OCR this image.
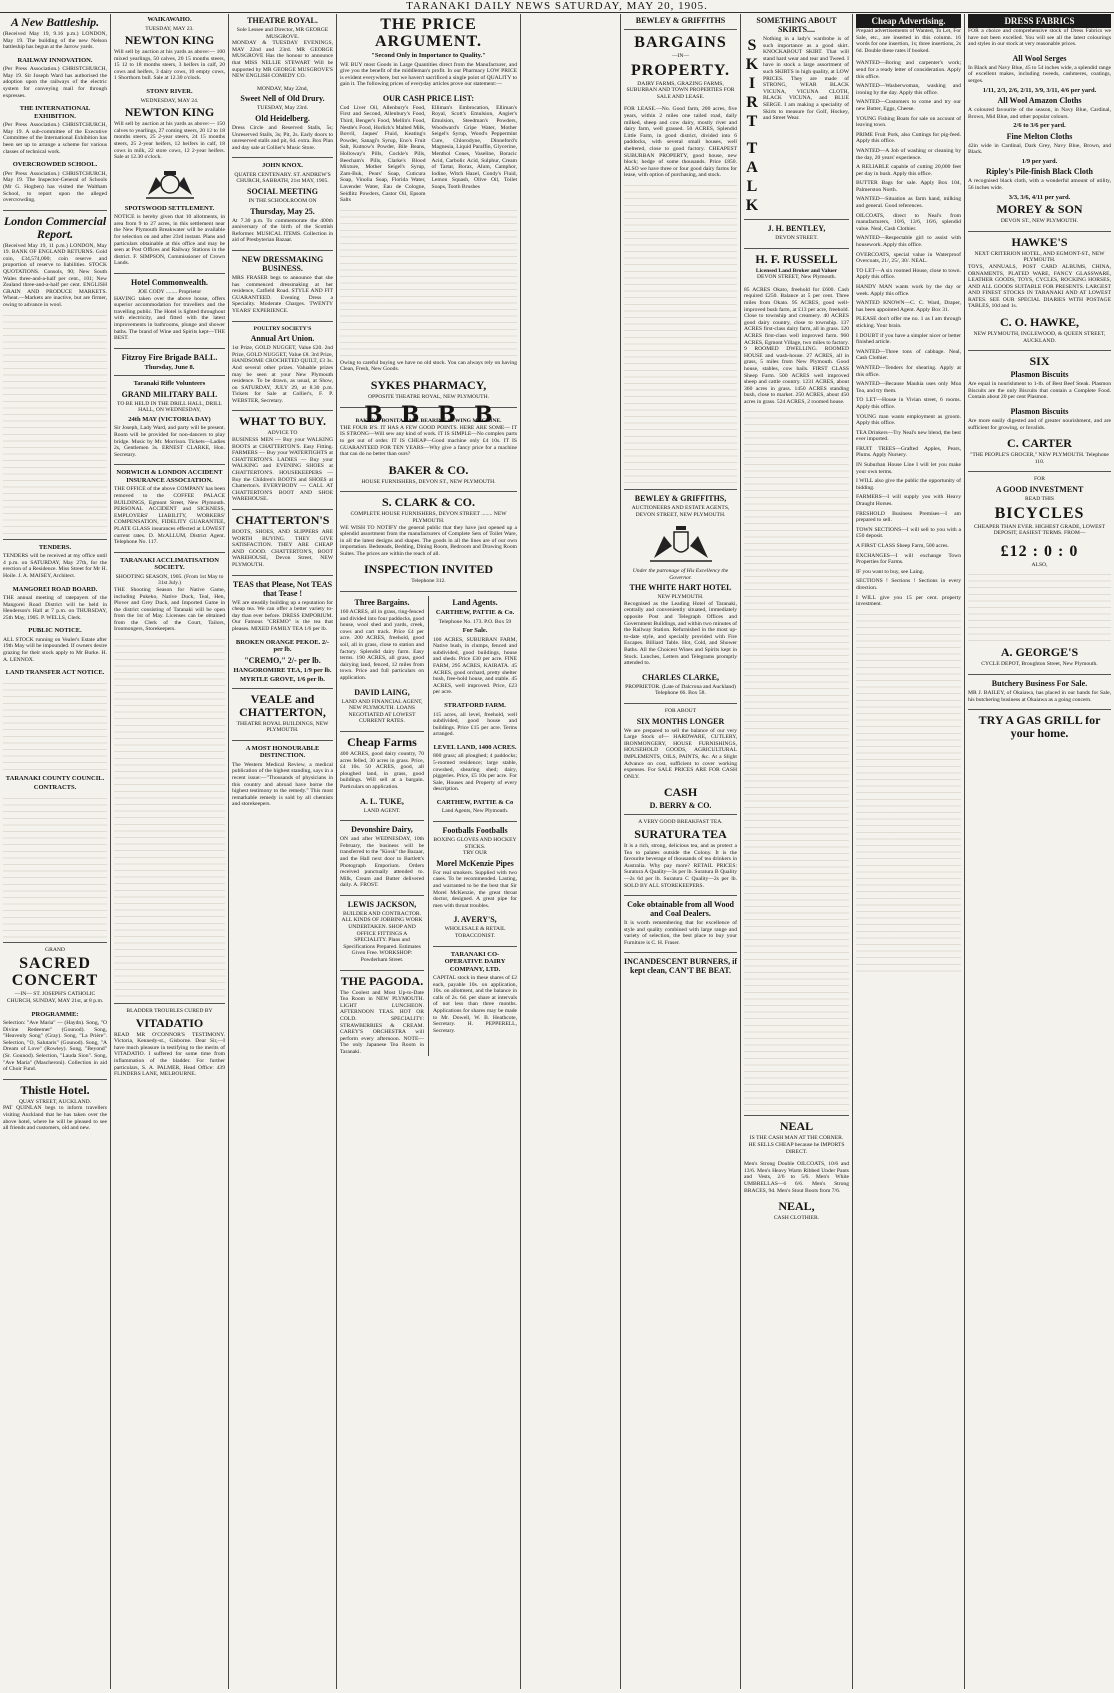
TARANAKI DAILY NEWS SATURDAY, MAY 20, 1905.
A New Battleship.
(Received May 19, 9.16 p.m.) LONDON, May 19. The building of the new Nelson battleship has begun at the Jarrow yards.
RAILWAY INNOVATION.
(Per Press Association.) CHRISTCHURCH, May 19. Sir Joseph Ward has authorised the adoption upon the railways of the electric system for conveying mail for through expresses.
THE INTERNATIONAL EXHIBITION.
(Per Press Association.) CHRISTCHURCH, May 19. A sub-committee of the Executive Committee of the International Exhibition has been set up to arrange a scheme for various classes of technical work.
OVERCROWDED SCHOOL.
(Per Press Association.) CHRISTCHURCH, May 19. The Inspector-General of Schools (Mr G. Hogben) has visited the Waltham School, to report upon the alleged overcrowding.
London Commercial Report.
(Received May 19, 11 p.m.) LONDON, May 19. BANK OF ENGLAND RETURNS. Gold coin, £34,574,000; coin reserve and proportion of reserve to liabilities. STOCK QUOTATIONS. Consols, 90; New South Wales three-and-a-half per cent., 101; New Zealand three-and-a-half per cent. ENGLISH GRAIN AND PRODUCE MARKETS. Wheat.—Markets are inactive, but are firmer, owing to advance in wool.
TENDERS.
TENDERS will be received at my office until 4 p.m. on SATURDAY, May 27th, for the erection of a Residence. Miss Street for Mr H. Hoile. J. A. MAISEY, Architect.
MANGOREI ROAD BOARD.
THE annual meeting of ratepayers of the Mangorei Road District will be held in Henderson's Hall at 7 p.m. on THURSDAY, 25th May, 1905. P. WELLS, Clerk.
PUBLIC NOTICE.
ALL STOCK running on Vealer's Estate after 19th May will be impounded. If owners desire grazing for their stock apply to Mr Burke. H. A. LENNOX.
LAND TRANSFER ACT NOTICE.
TARANAKI COUNTY COUNCIL.
CONTRACTS.
GRAND
SACRED CONCERT
—IN— ST. JOSEPH'S CATHOLIC CHURCH, SUNDAY, MAY 21st, at 8 p.m.
PROGRAMME:
Selection: "Ave Maria" — (Haydn). Song, "O Divine Redeemer" (Gounod). Song, "Heavenly Song" (Gray). Song, "La Prière". Selection, "O, Salutaris" (Gounod). Song, "A Dream of Love" (Rowley). Song, "Beyond" (Sr. Gounod). Selection, "Lauda Sion". Song, "Ave Maria" (Mascheroni). Collection in aid of Choir Fund.
Thistle Hotel.
QUAY STREET, AUCKLAND.
PAT QUINLAN begs to inform travellers visiting Auckland that he has taken over the above hotel, where he will be pleased to see all friends and customers, old and new.
WAIKAWAHO.
TUESDAY, MAY 23.
NEWTON KING
Will sell by auction at his yards as above:— 100 mixed yearlings, 50 calves, 20 15 months steers, 15 12 to 18 months steers, 3 heifers in calf, 20 cows and heifers, 3 dairy cows, 10 empty cows, 1 Shorthorn bull. Sale at 12.30 o'clock.
STONY RIVER.
WEDNESDAY, MAY 24.
NEWTON KING
Will sell by auction at his yards as above:— 150 calves to yearlings, 27 coming steers, 20 12 to 18 months steers, 25 2-year steers, 24 15 months steers, 25 2-year heifers, 12 heifers in calf, 18 cows in milk, 22 store cows, 12 2-year heifers. Sale at 12.30 o'clock.
SPOTSWOOD SETTLEMENT.
NOTICE is hereby given that 10 allotments, in area from 9 to 27 acres, in this settlement near the New Plymouth Breakwater will be available for selection on and after 23rd instant. Plans and particulars obtainable at this office and may be seen at Post Offices and Railway Stations in the district. F. SIMPSON, Commissioner of Crown Lands.
Hotel Commonwealth.
JOE CODY ........ Proprietor
HAVING taken over the above house, offers superior accommodation for travellers and the travelling public. The Hotel is lighted throughout with electricity, and fitted with the latest improvements in bathrooms, plunge and shower baths. The brand of Wine and Spirits kept—THE BEST.
Fitzroy Fire Brigade BALL.
Thursday, June 8.
Taranaki Rifle Volunteers
GRAND MILITARY BALL
TO BE HELD IN THE DRILL HALL, DRILL HALL, ON WEDNESDAY,
24th MAY (VICTORIA DAY)
Sir Joseph, Lady Ward, and party will be present. Room will be provided for non-dancers to play bridge. Music by Mr. Morrison. Tickets—Ladies 2s, Gentlemen 3s. ERNEST CLARKE, Hon. Secretary.
NORWICH & LONDON ACCIDENT INSURANCE ASSOCIATION.
THE OFFICE of the above COMPANY has been removed to the COFFEE PALACE BUILDINGS, Egmont Street, New Plymouth. PERSONAL ACCIDENT and SICKNESS, EMPLOYERS' LIABILITY, WORKERS' COMPENSATION, FIDELITY GUARANTEE, PLATE GLASS insurances effected at LOWEST current rates. D. McALLUM, District Agent. Telephone No. 117.
TARANAKI ACCLIMATISATION SOCIETY.
SHOOTING SEASON, 1905. (From 1st May to 31st July.)
THE Shooting Season for Native Game, including Pukeko, Native Duck, Teal, Hen, Plover and Grey Duck, and Imported Game in the district consisting of Taranaki will be open from the 1st of May. Licenses can be obtained from the Clerk of the Court, Tailors, Ironmongers, Storekeepers.
BLADDER TROUBLES CURED BY
VITADATIO
READ MR O'CONNOR'S TESTIMONY. Victoria, Kennedy-st., Gisborne. Dear Sir,—I have much pleasure in testifying to the merits of VITADATIO. I suffered for some time from inflammation of the bladder. For further particulars, S. A. PALMER, Head Office: 439 FLINDERS LANE, MELBOURNE.
THEATRE ROYAL.
Sole Lessee and Director, MR GEORGE MUSGROVE.
MONDAY & TUESDAY EVENINGS, MAY 22nd and 23rd. MR GEORGE MUSGROVE Has the honour to announce that MISS NELLIE STEWART Will be supported by MR GEORGE MUSGROVE'S NEW ENGLISH COMEDY CO.
MONDAY, May 22nd,
Sweet Nell of Old Drury.
TUESDAY, May 23rd.
Old Heidelberg.
Dress Circle and Reserved Stalls, 5s; Unreserved Stalls, 3s; Pit, 2s. Early doors to unreserved stalls and pit, 6d. extra. Box Plan and day sale at Collier's Music Store.
JOHN KNOX.
QUATER CENTENARY. ST. ANDREW'S CHURCH, SABBATH, 21st MAY, 1905.
SOCIAL MEETING
IN THE SCHOOLROOM ON
Thursday, May 25.
At 7.30 p.m. To commemorate the 400th anniversary of the birth of the Scottish Reformer. MUSICAL ITEMS. Collection in aid of Presbyterian Bazaar.
NEW DRESSMAKING BUSINESS.
MRS FRASER begs to announce that she has commenced dressmaking at her residence, Catfield Road. STYLE AND FIT GUARANTEED. Evening Dress a Speciality. Moderate Charges. TWENTY YEARS' EXPERIENCE.
POULTRY SOCIETY'S
Annual Art Union.
1st Prize, GOLD NUGGET, Value £20. 2nd Prize, GOLD NUGGET, Value £8. 3rd Prize, HANDSOME CROCHETED QUILT, £3 3s. And several other prizes. Valuable prizes may be seen at your New Plymouth residence. To be drawn, as usual, at Show, on SATURDAY, JULY 29, at 8.30 p.m. Tickets for Sale at Collier's, F. P. WEBSTER, Secretary.
WHAT TO BUY.
ADVICE TO
BUSINESS MEN — Buy your WALKING BOOTS at CHATTERTON'S. Easy Fitting. FARMERS — Buy your WATERTIGHTS at CHATTERTON'S. LADIES — Buy your WALKING and EVENING SHOES at CHATTERTON'S. HOUSEKEEPERS — Buy the Children's BOOTS and SHOES at Chatterton's. EVERYBODY — CALL AT CHATTERTON'S BOOT AND SHOE WAREHOUSE.
CHATTERTON'S
BOOTS, SHOES, AND SLIPPERS ARE WORTH BUYING. THEY GIVE SATISFACTION. THEY ARE CHEAP AND GOOD. CHATTERTON'S, BOOT WAREHOUSE, Devon Street, NEW PLYMOUTH.
TEAS that Please, Not TEAS that Tease !
WE are steadily building up a reputation for cheap tea. We can offer a better variety to-day than ever before. DRESS EMPORIUM. Our Famous "CREMO" is the tea that pleases. MIXED FAMILY TEA 1/6 per lb.
BROKEN ORANGE PEKOE. 2/- per lb.
"CREMO," 2/- per lb.
HANGOROMIRE TEA, 1/9 per lb.
MYRTLE GROVE, 1/6 per lb.
VEALE and CHATTERTON,
THEATRE ROYAL BUILDINGS, NEW PLYMOUTH.
A MOST HONOURABLE DISTINCTION.
The Western Medical Review, a medical publication of the highest standing, says in a recent issue:—"Thousands of physicians in this country and abroad have borne the highest testimony to the remedy." This most remarkable remedy is sold by all chemists and storekeepers.
THE PRICE ARGUMENT.
"Second Only in Importance to Quality."
WE BUY most Goods in Large Quantities direct from the Manufacturer, and give you the benefit of the middleman's profit. In our Pharmacy LOW PRICE is evident everywhere, but we haven't sacrificed a single point of QUALITY to gain it. The following prices of everyday articles prove our statement:—
OUR CASH PRICE LIST:
Cod Liver Oil, Allenbury's Food, First and Second, Allenbury's Food, Third, Benger's Food, Mellin's Food, Nestle's Food, Horlick's Malted Milk, Bovril, Jaques' Fluid, Keating's Powder, Sanagi's Syrup, Eno's Fruit Salt, Kutnow's Powder, Bile Beans, Holloway's Pills, Cockle's Pills, Beecham's Pills, Clarke's Blood Mixture, Mother Seigel's Syrup, Zam-Buk, Pears' Soap, Cuticura Soap, Vinolia Soap, Florida Water, Lavender Water, Eau de Cologne, Seidlitz Powders, Castor Oil, Epsom Salts
Elliman's Embrocation, Elliman's Royal, Scott's Emulsion, Angier's Emulsion, Steedman's Powders, Woodward's Gripe Water, Mother Seigel's Syrup, Wood's Peppermint Cure, Chlorodyne, Dinneford's Magnesia, Liquid Paraffin, Glycerine, Menthol Cones, Vaseline, Boracic Acid, Carbolic Acid, Sulphur, Cream of Tartar, Borax, Alum, Camphor, Iodine, Witch Hazel, Condy's Fluid, Lemon Squash, Olive Oil, Toilet Soaps, Tooth Brushes
Owing to careful buying we have no old stock. You can always rely on having Clean, Fresh, New Goods.
SYKES PHARMACY,
OPPOSITE THEATRE ROYAL, NEW PLYMOUTH.
B B B B
BAKER'S BONITA BALL BEARING SEWING MACHINE.
THE FOUR B'S. IT HAS A FEW GOOD POINTS. HERE ARE SOME— IT IS STRONG—Will sew any kind of work. IT IS SIMPLE—No complex parts to get out of order. IT IS CHEAP—Good machine only £4 10s. IT IS GUARANTEED FOR TEN YEARS—Why give a fancy price for a machine that can do no better than ours?
BAKER & CO.
HOUSE FURNISHERS, DEVON ST., NEW PLYMOUTH.
S. CLARK & CO.
COMPLETE HOUSE FURNISHERS, DEVON STREET ........ NEW PLYMOUTH.
WE WISH TO NOTIFY the general public that they have just opened up a splendid assortment from the manufacturers of Complete Sets of Toilet Ware, in all the latest designs and shapes. The goods in all the lines are of our own importation. Bedsteads, Bedding, Dining Room, Bedroom and Drawing Room Suites. The prices are within the reach of all.
INSPECTION INVITED
Telephone 312.
Three Bargains.
160 ACRES, all in grass, ring-fenced and divided into four paddocks, good house, wool shed and yards, creek, cows and cart track. Price £4 per acre. 200 ACRES, freehold, good soil, all in grass, close to station and factory. Splendid dairy farm. Easy terms. 190 ACRES, all grass, good dairying land, fenced, 12 miles from town. Price and full particulars on application.
DAVID LAING,
LAND AND FINANCIAL AGENT, NEW PLYMOUTH. LOANS NEGOTIATED AT LOWEST CURRENT RATES.
Cheap Farms
400 ACRES, good dairy country, 70 acres felled, 30 acres in grass. Price, £4 10s. 50 ACRES, good, all ploughed land, in grass, good buildings. Will sell at a bargain. Particulars on application.
A. L. TUKE,
LAND AGENT.
Devonshire Dairy,
ON and after WEDNESDAY, 10th February, the business will be transferred to the "Kiosk" the Bazaar, and the Hall next door to Bartlett's Photograph Emporium. Orders received punctually attended to. Milk, Cream and Butter delivered daily. A. FROST.
LEWIS JACKSON,
BUILDER AND CONTRACTOR. ALL KINDS OF JOBBING WORK UNDERTAKEN. SHOP AND OFFICE FITTINGS A SPECIALITY. Plans and Specifications Prepared. Estimates Given Free. WORKSHOP: Powderham Street.
THE PAGODA.
The Coolest and Most Up-to-Date Tea Room in NEW PLYMOUTH. LIGHT LUNCHEON. AFTERNOON TEAS. HOT OR COLD. SPECIALITY: STRAWBERRIES & CREAM. CAREY'S ORCHESTRA will perform every afternoon. NOTE—The only Japanese Tea Room in Taranaki.
Land Agents.
CARTHEW, PATTIE & Co.
Telephone No. 173. P.O. Box 59
For Sale.
100 ACRES, SUBURBAN FARM, Native bush, in clumps, fenced and subdivided, good buildings, house and sheds. Price £30 per acre. FINE FARM, 295 ACRES, KAIRATA. 45 ACRES, good orchard, pretty shelter bush, free-hold house, and stable. 45 ACRES, well improved. Price, £23 per acre.
STRATFORD FARM.
115 acres, all level, freehold, well subdivided, good house and buildings. Price £15 per acre. Terms arranged.
LEVEL LAND, 1400 ACRES.
800 grass; all ploughed; 4 paddocks; 5-roomed residence; large stable, cowshed, shearing shed; dairy, piggeries. Price, £5 10s per acre. For Sale, Houses and Property of every description.
CARTHEW, PATTIE & Co
Land Agents, New Plymouth.
Footballs Footballs
BOXING GLOVES AND HOCKEY STICKS.
TRY OUR
Morel McKenzie Pipes
For real smokers. Supplied with two cases. To be recommended. Lasting, and warranted to be the best that Sir Morel McKenzie, the great throat doctor, designed. A great pipe for men with throat troubles.
J. AVERY'S,
WHOLESALE & RETAIL TOBACCONIST.
TARANAKI CO-OPERATIVE DAIRY COMPANY, LTD.
CAPITAL stock in these shares of £2 each, payable 10s. on application, 10s. on allotment, and the balance in calls of 2s. 6d. per share at intervals of not less than three months. Applications for shares may be made to Mr. Dowell, W. B. Heathcote, Secretary. H. PEPPERELL, Secretary.
BEWLEY & GRIFFITHS
BARGAINS
—IN—
PROPERTY.
DAIRY FARMS, GRAZING FARMS, SUBURBAN AND TOWN PROPERTIES FOR SALE AND LEASE.
FOR LEASE.—No. Good farm, 200 acres, five years, within 2 miles one tailed road, daily milked, sheep and cow dairy, mostly river and dairy farm, well grassed. 50 ACRES, Splendid Little Farm, in good district, divided into 6 paddocks, with several small houses, well sheltered, close to good factory. CHEAPEST SUBURBAN PROPERTY, good house, new block; hedge of some thousands. Price £850. ALSO we have three or four good dairy farms for lease, with option of purchasing, and stock.
BEWLEY & GRIFFITHS,
AUCTIONEERS AND ESTATE AGENTS, DEVON STREET, NEW PLYMOUTH.
Under the patronage of His Excellency the Governor.
THE WHITE HART HOTEL
NEW PLYMOUTH.
Recognised as the Leading Hotel of Taranaki, centrally and conveniently situated, immediately opposite Post and Telegraph Offices and Government Buildings, and within two minutes of the Railway Station. Refurnished in the most up-to-date style, and specially provided with Fire Escapes. Billiard Table. Hot, Cold, and Shower Baths. All the Choicest Wines and Spirits kept in Stock. Lunches, Letters and Telegrams promptly attended to.
CHARLES CLARKE,
PROPRIETOR. (Late of Dalcrona and Auckland) Telephone 66. Box 58.
FOR ABOUT
SIX MONTHS LONGER
We are prepared to sell the balance of our very Large Stock of— HARDWARE, CUTLERY, IRONMONGERY, HOUSE FURNISHINGS, HOUSEHOLD GOODS, AGRICULTURAL IMPLEMENTS, OILS, PAINTS, &c. At a Slight Advance on cost, sufficient to cover working expenses. For SALE PRICES ARE FOR CASH ONLY.
CASH
D. BERRY & CO.
A VERY GOOD BREAKFAST TEA.
SURATURA TEA
It is a rich, strong, delicious tea, and as protect a Tea to palates outside the Colony. It is the favourite beverage of thousands of tea drinkers in Australia. Why pay more? RETAIL PRICES: Suratura A Quality—3s per lb. Suratura B Quality—2s 6d per lb. Suratura C Quality—2s per lb. SOLD BY ALL STOREKEEPERS.
Coke obtainable from all Wood and Coal Dealers.
It is worth remembering that for excellence of style and quality combined with large range and variety of selection, the best place to buy your Furniture is C. H. Fraser.
INCANDESCENT BURNERS, if kept clean, CAN'T BE BEAT.
SOMETHING ABOUT SKIRTS....
S
K
I
R
T
T
A
L
K
Nothing in a lady's wardrobe is of such importance as a good skirt. KNOCKABOUT SKIRT. That will stand hard wear and tear and Tweed. I have in stock a large assortment of such SKIRTS in high quality, at LOW PRICES. They are made of STRONG, WEAR BLACK VICUNA, VICUNA CLOTH, BLACK VICUNA, and BLUE SERGE. I am making a speciality of Skirts to measure for Golf, Hockey, and Street Wear.
J. H. BENTLEY,
DEVON STREET.
H. F. RUSSELL
Licensed Land Broker and Valuer
DEVON STREET, New Plymouth.
85 ACRES Okato, freehold for £600. Cash required £250. Balance at 5 per cent. Three miles from Okato. 95 ACRES, good well-improved bush farm, at £13 per acre, freehold. Close to township and creamery. 40 ACRES good dairy country, close to township. 137 ACRES first-class dairy farm, all in grass. 120 ACRES first-class well improved farm. 960 ACRES, Egmont Village, two miles to factory. 9 ROOMED DWELLING. ROOMED HOUSE and wash-house. 27 ACRES, all in grass, 5 miles from New Plymouth. Good house, stables, cow bails. FIRST CLASS Sheep Farm. 500 ACRES well improved sheep and cattle country. 1231 ACRES, about 360 acres in grass. 1450 ACRES standing bush, close to market. 250 ACRES, about 450 acres in grass. 524 ACRES, 2 roomed house.
NEAL
IS THE CASH MAN AT THE CORNER.
HE SELLS CHEAP because he IMPORTS DIRECT.
Men's Strong Double OILCOATS, 10/6 and 13/6. Men's Heavy Warm Ribbed Under Pants and Vests, 2/6 to 5/6. Men's White UMBRELLAS—6 6/6. Men's Strong BRACES, 9d. Men's Stout Boots from 7/6.
NEAL,
CASH CLOTHIER.
Cheap Advertising.
Prepaid advertisements of Wanted, To Let, For Sale, etc., are inserted in this column. 16 words for one insertion, 1s; three insertions, 2s 6d. Double these rates if booked.
WANTED—Boring and carpenter's work; send for a ready letter of consideration. Apply this office.
WANTED—Washerwoman, washing and ironing by the day. Apply this office.
WANTED—Customers to come and try our new Butter, Eggs, Cheese.
YOUNG Fishing Boats for sale on account of leaving town.
PRIME Fruit Pork, also Cuttings for pig-feed. Apply this office.
WANTED—A Job of washing or cleaning by the day, 20 years' experience.
A RELIABLE capable of cutting 20,000 feet per day in bush. Apply this office.
BUTTER Bags for sale. Apply Box 104, Palmerston North.
WANTED—Situation as farm hand, milking and general. Good references.
OILCOATS, direct to Neal's from manufacturers, 10/6, 13/6, 16/6, splendid value. Neal, Cash Clothier.
WANTED—Respectable girl to assist with housework. Apply this office.
OVERCOATS, special value in Waterproof Overcoats, 21/, 25/, 30/. NEAL.
TO LET—A six roomed House, close to town. Apply this office.
HANDY MAN wants work by the day or week. Apply this office.
WANTED KNOWN—C. C. Ward, Draper, has been appointed Agent. Apply Box 31.
PLEASE don't offer me no. 1 as I am through sticking. Your brain.
I DOUBT if you have a simpler nicer or better finished article.
WANTED—Three tons of cabbage. Neal, Cash Clothier.
WANTED—Tenders for shearing. Apply at this office.
WANTED—Because Mauhia uses only Moa Tea, and try them.
TO LET—House in Vivian street, 6 rooms. Apply this office.
YOUNG man wants employment as groom. Apply this office.
TEA Drinkers—Try Neal's new blend, the best ever imported.
FRUIT TREES—Grafted Apples, Pears, Plums. Apply Nursery.
IN Suburban House Line I will let you make your own terms.
I WILL also give the public the opportunity of bidding.
FARMERS—I will supply you with Heavy Draught Horses.
FRESHOLD Business Premises—I am prepared to sell.
TOWN SECTIONS—I will sell to you with a £50 deposit.
A FIRST CLASS Sheep Farm, 500 acres.
EXCHANGES—I will exchange Town Properties for Farms.
IF you want to buy, see Laing.
SECTIONS ! Sections ! Sections in every direction.
I WILL give you 15 per cent. property investment.
DRESS FABRICS
FOR a choice and comprehensive stock of Dress Fabrics we have not been excelled. You will see all the latest colourings and styles in our stock at very reasonable prices.
All Wool Serges
In Black and Navy Blue, 45 to 54 inches wide, a splendid range of excellent makes, including tweeds, cashmeres, coatings, serges.
1/11, 2/3, 2/6, 2/11, 3/9, 3/11, 4/6 per yard.
All Wool Amazon Cloths
A coloured favourite of the season, in Navy Blue, Cardinal, Brown, Mid Blue, and other popular colours.
2/6 to 3/6 per yard.
Fine Melton Cloths
42in wide in Cardinal, Dark Grey, Navy Blue, Brown, and Black.
1/9 per yard.
Ripley's Pile-finish Black Cloth
A recognised black cloth, with a wonderful amount of utility, 56 inches wide.
3/3, 3/6, 4/11 per yard.
MOREY & SON
DEVON ST., NEW PLYMOUTH.
HAWKE'S
NEXT CRITERION HOTEL, AND EGMONT-ST., NEW PLYMOUTH.
TOYS, ANNUALS, POST CARD ALBUMS, CHINA, ORNAMENTS, PLATED WARE, FANCY GLASSWARE, LEATHER GOODS, TOYS, CYCLES, ROCKING HORSES, AND ALL GOODS SUITABLE FOR PRESENTS. LARGEST AND FINEST STOCKS IN TARANAKI AND AT LOWEST RATES. SEE OUR SPECIAL DIARIES WITH POSTAGE TABLES, 10d and 1s.
C. O. HAWKE,
NEW PLYMOUTH, INGLEWOOD, & QUEEN STREET, AUCKLAND.
SIX
Plasmon Biscuits
Are equal in nourishment to 1-lb. of Best Beef Steak. Plasmon Biscuits are the only Biscuits that contain a Complete Food. Contain about 20 per cent Plasmon.
Plasmon Biscuits
Are more easily digested and of greater nourishment, and are sufficient for growing, or Invalids.
C. CARTER
"THE PEOPLE'S GROCER," NEW PLYMOUTH. Telephone 110.
FOR
A GOOD INVESTMENT
READ THIS
BICYCLES
CHEAPER THAN EVER. HIGHEST GRADE, LOWEST DEPOSIT, EASIEST TERMS. FROM—
£12 : 0 : 0
ALSO,
A. GEORGE'S
CYCLE DEPOT, Broughton Street, New Plymouth.
Butchery Business For Sale.
MR J. BAILEY, of Okaiawa, has placed in our hands for Sale, his butchering business at Okaiawa as a going concern.
TRY A GAS GRILL for your home.
